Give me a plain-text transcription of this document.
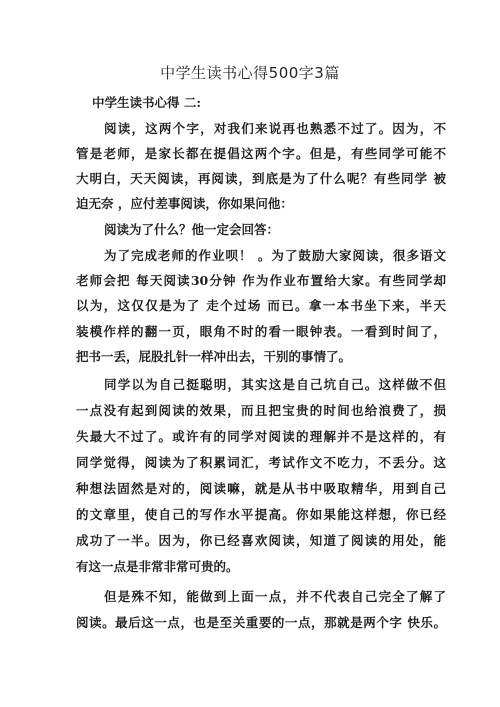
中学生读书心得500字3篇
中学生读书心得 二:
阅读，这两个字，对我们来说再也熟悉不过了。因为，不
管是老师，是家长都在提倡这两个字。但是，有些同学可能不
大明白，天天阅读，再阅读，到底是为了什么呢？有些同学 被
迫无奈 ，应付差事阅读，你如果问他：
阅读为了什么？他一定会回答：
为了完成老师的作业呗！ 。为了鼓励大家阅读，很多语文
老师会把 每天阅读30分钟 作为作业布置给大家。有些同学却
以为，这仅仅是为了 走个过场 而已。拿一本书坐下来，半天
装模作样的翻一页，眼角不时的看一眼钟表。一看到时间了，
把书一丢，屁股扎针一样冲出去，干别的事情了。
同学以为自己挺聪明，其实这是自己坑自己。这样做不但
一点没有起到阅读的效果，而且把宝贵的时间也给浪费了，损
失最大不过了。或许有的同学对阅读的理解并不是这样的，有
同学觉得，阅读为了积累词汇，考试作文不吃力，不丢分。这
种想法固然是对的，阅读嘛，就是从书中吸取精华，用到自己
的文章里，使自己的写作水平提高。你如果能这样想，你已经
成功了一半。因为，你已经喜欢阅读，知道了阅读的用处，能
有这一点是非常非常可贵的。
但是殊不知，能做到上面一点，并不代表自己完全了解了
阅读。最后这一点，也是至关重要的一点，那就是两个字 快乐。
